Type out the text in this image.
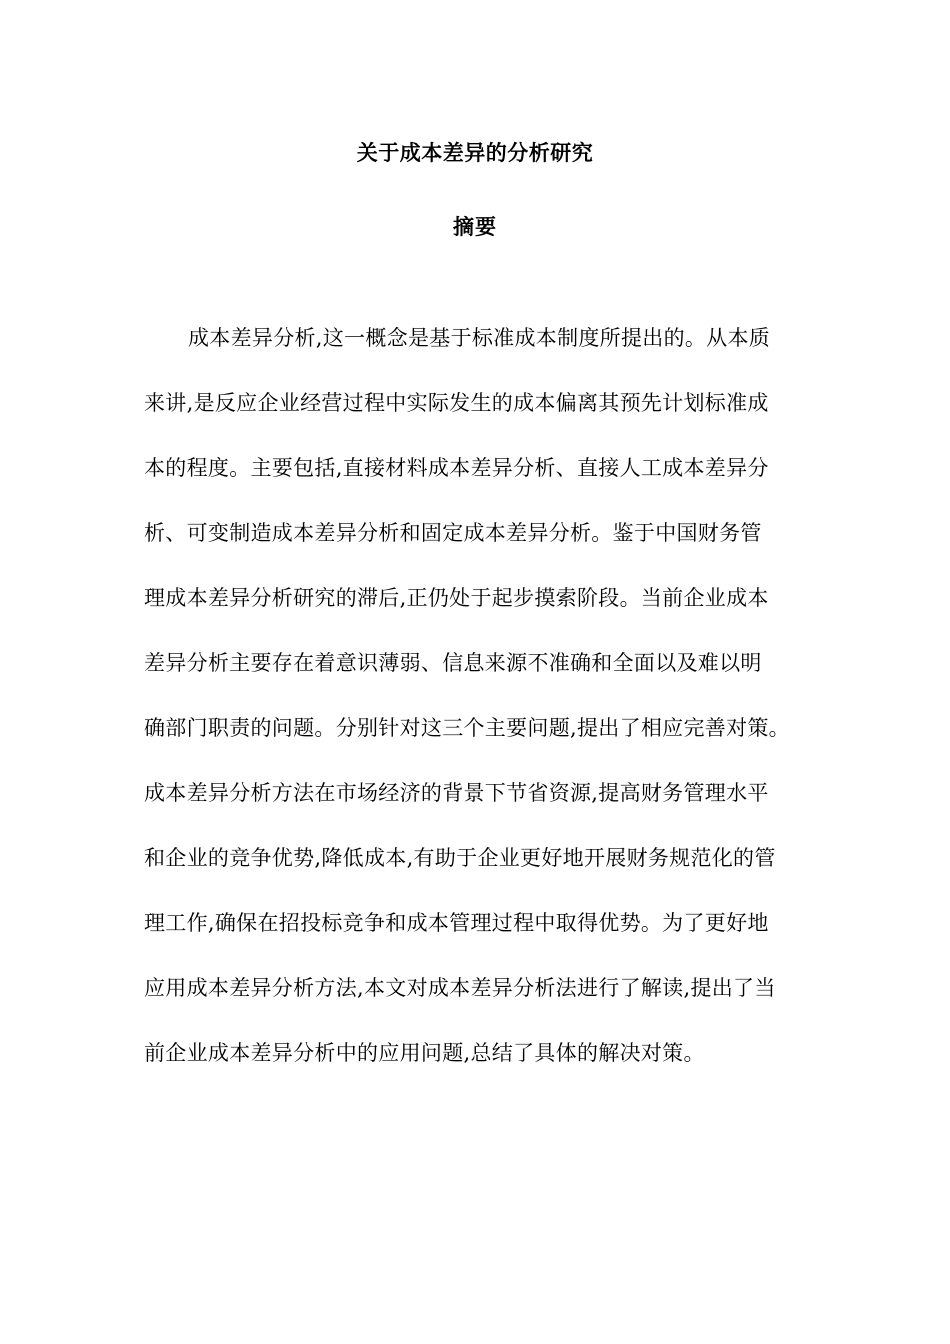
关于成本差异的分析研究
摘要
成本差异分析,这一概念是基于标准成本制度所提出的。从本质
来讲,是反应企业经营过程中实际发生的成本偏离其预先计划标准成
本的程度。主要包括,直接材料成本差异分析、直接人工成本差异分
析、可变制造成本差异分析和固定成本差异分析。鉴于中国财务管
理成本差异分析研究的滞后,正仍处于起步摸索阶段。当前企业成本
差异分析主要存在着意识薄弱、信息来源不准确和全面以及难以明
确部门职责的问题。分别针对这三个主要问题,提出了相应完善对策。
成本差异分析方法在市场经济的背景下节省资源,提高财务管理水平
和企业的竞争优势,降低成本,有助于企业更好地开展财务规范化的管
理工作,确保在招投标竞争和成本管理过程中取得优势。为了更好地
应用成本差异分析方法,本文对成本差异分析法进行了解读,提出了当
前企业成本差异分析中的应用问题,总结了具体的解决对策。
